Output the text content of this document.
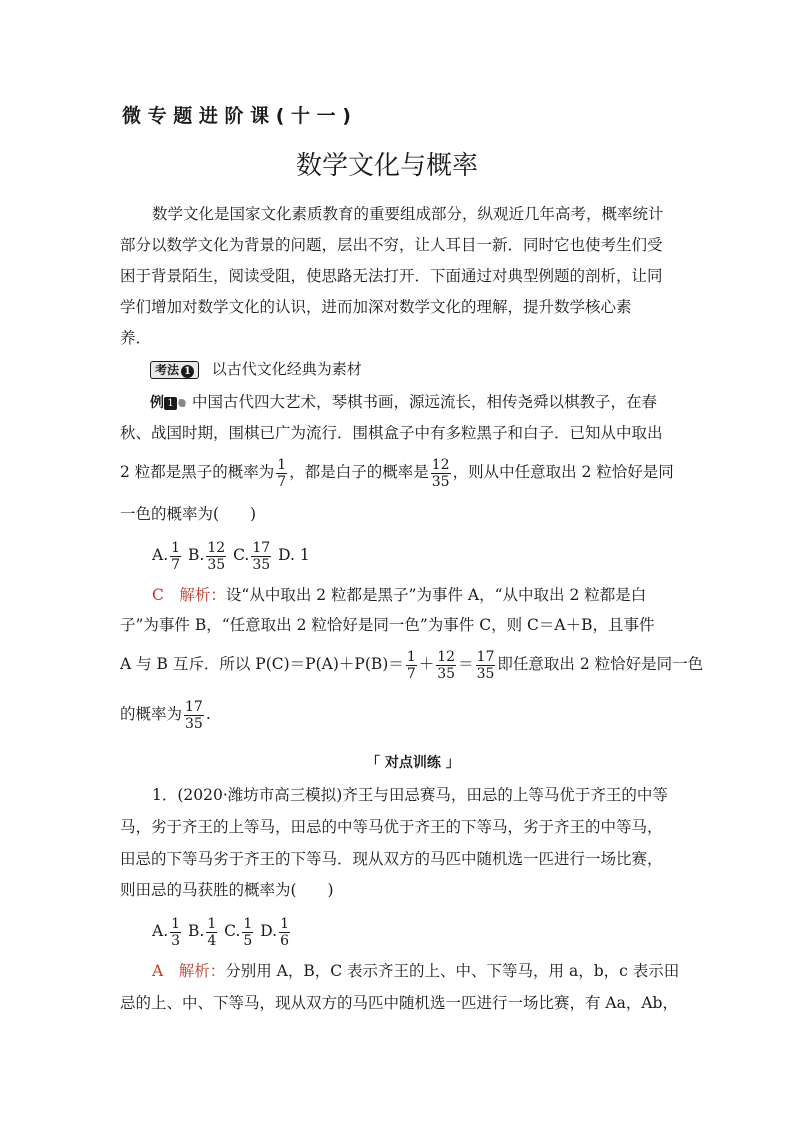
微 专 题 进 阶 课 ( 十 一 )
数学文化与概率
数学文化是国家文化素质教育的重要组成部分，纵观近几年高考，概率统计
部分以数学文化为背景的问题，层出不穷，让人耳目一新．同时它也使考生们受
困于背景陌生，阅读受阻，使思路无法打开．下面通过对典型例题的剖析，让同
学们增加对数学文化的认识，进而加深对数学文化的理解，提升数学核心素
养．
考法 1 以古代文化经典为素材
例 1 中国古代四大艺术，琴棋书画，源远流长，相传尧舜以棋教子，在春
秋、战国时期，围棋已广为流行．围棋盒子中有多粒黑子和白子．已知从中取出
2 粒都是黑子的概率为 $\frac{1}{7}$ ，都是白子的概率是 $\frac{12}{35}$ ，则从中任意取出 2 粒恰好是同
一色的概率为(　　)
A. $\frac{1}{7} B$. $\frac{12}{35} C$. $\frac{17}{35} D$. 1
C　 解析：设“从中取出 2 粒都是黑子”为事件 A，“从中取出 2 粒都是白
子”为事件 B，“任意取出 2 粒恰好是同一色”为事件 C，则 C＝A＋B，且事件
A 与 B 互斥．所以 $P(C)=P(A)+P(B)= \frac{1}{7} + \frac{12}{35} = \frac{17}{35}$ 即任意取出 2 粒恰好是同一色
的概率为 $\frac{17}{35}$ .
「 对点训练 」
1．(2020·潍坊市高三模拟)齐王与田忌赛马，田忌的上等马优于齐王的中等
马，劣于齐王的上等马，田忌的中等马优于齐王的下等马，劣于齐王的中等马，
田忌的下等马劣于齐王的下等马．现从双方的马匹中随机选一匹进行一场比赛，
则田忌的马获胜的概率为(　　)
A. $\frac{1}{3} B$. $\frac{1}{4} C$. $\frac{1}{5} D$. $\frac{1}{6}$
A　 解析：分别用 A，B，C 表示齐王的上、中、下等马，用 a，b，c 表示田
忌的上、中、下等马，现从双方的马匹中随机选一匹进行一场比赛，有 Aa，Ab，
